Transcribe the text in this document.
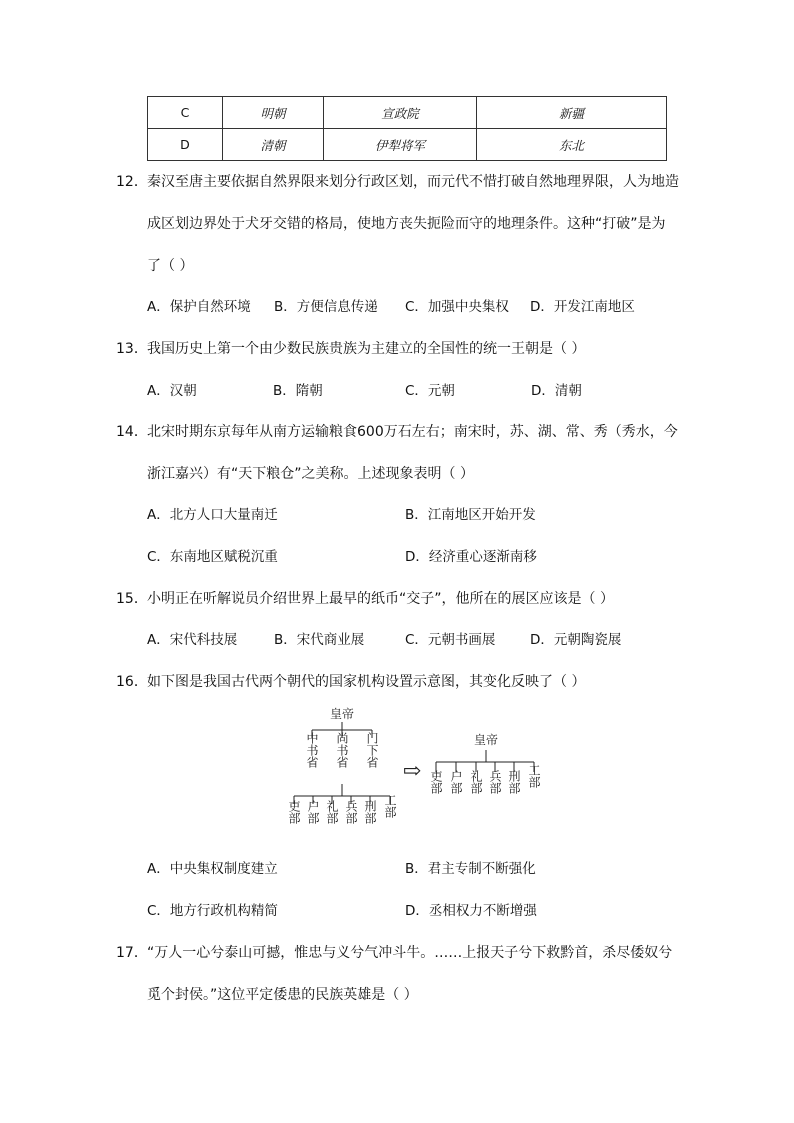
C	明朝	宣政院	新疆
D	清朝	伊犁将军	东北
12． 秦汉至唐主要依据自然界限来划分行政区划，而元代不惜打破自然地理界限，人为地造
成区划边界处于犬牙交错的格局，使地方丧失扼险而守的地理条件。这种“打破”是为
了（ ）
A．保护自然环境 B．方便信息传递 C．加强中央集权 D．开发江南地区
13． 我国历史上第一个由少数民族贵族为主建立的全国性的统一王朝是（ ）
A．汉朝	B．隋朝	C．元朝	D．清朝
14． 北宋时期东京每年从南方运输粮食600万石左右；南宋时，苏、湖、常、秀（秀水，今
浙江嘉兴）有“天下粮仓”之美称。上述现象表明（ ）
A．北方人口大量南迁	B．江南地区开始开发
C．东南地区赋税沉重	D．经济重心逐渐南移
15． 小明正在听解说员介绍世界上最早的纸币“交子”，他所在的展区应该是（ ）
A．宋代科技展	B．宋代商业展	C．元朝书画展	D．元朝陶瓷展
16． 如下图是我国古代两个朝代的国家机构设置示意图，其变化反映了（ ）
皇帝
中书省 尚书省 门下省
吏部 户部 礼部 兵部 刑部 工部
⇨
皇帝
吏部 户部 礼部 兵部 刑部 工部
A．中央集权制度建立	B．君主专制不断强化
C．地方行政机构精简	D．丞相权力不断增强
17． “万人一心兮泰山可撼，惟忠与义兮气冲斗牛。……上报天子兮下救黔首，杀尽倭奴兮
觅个封侯。”这位平定倭患的民族英雄是（ ）
